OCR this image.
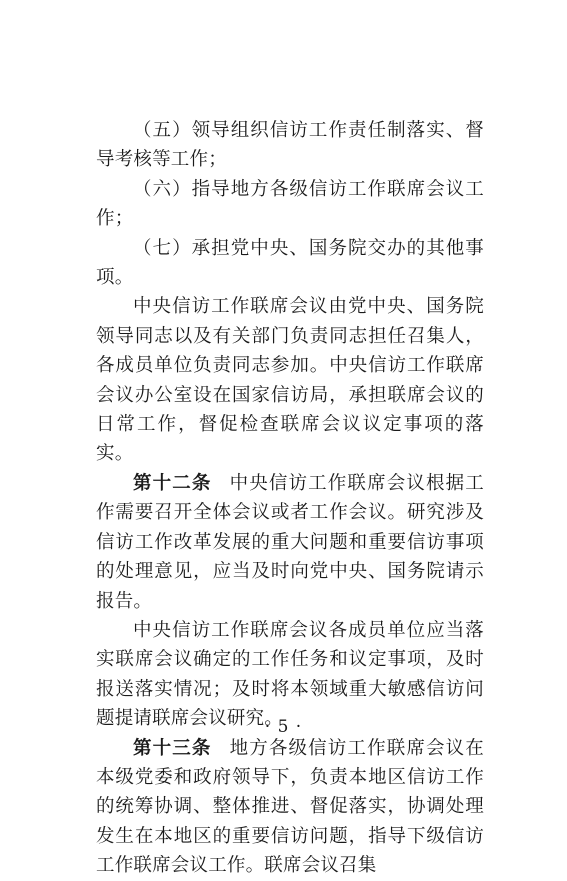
（五）领导组织信访工作责任制落实、督导考核等工作；

（六）指导地方各级信访工作联席会议工作；

（七）承担党中央、国务院交办的其他事项。

中央信访工作联席会议由党中央、国务院领导同志以及有关部门负责同志担任召集人，各成员单位负责同志参加。中央信访工作联席会议办公室设在国家信访局，承担联席会议的日常工作，督促检查联席会议议定事项的落实。

第十二条 中央信访工作联席会议根据工作需要召开全体会议或者工作会议。研究涉及信访工作改革发展的重大问题和重要信访事项的处理意见，应当及时向党中央、国务院请示报告。

中央信访工作联席会议各成员单位应当落实联席会议确定的工作任务和议定事项，及时报送落实情况；及时将本领域重大敏感信访问题提请联席会议研究。

第十三条 地方各级信访工作联席会议在本级党委和政府领导下，负责本地区信访工作的统筹协调、整体推进、督促落实，协调处理发生在本地区的重要信访问题，指导下级信访工作联席会议工作。联席会议召集

· 5 ·
